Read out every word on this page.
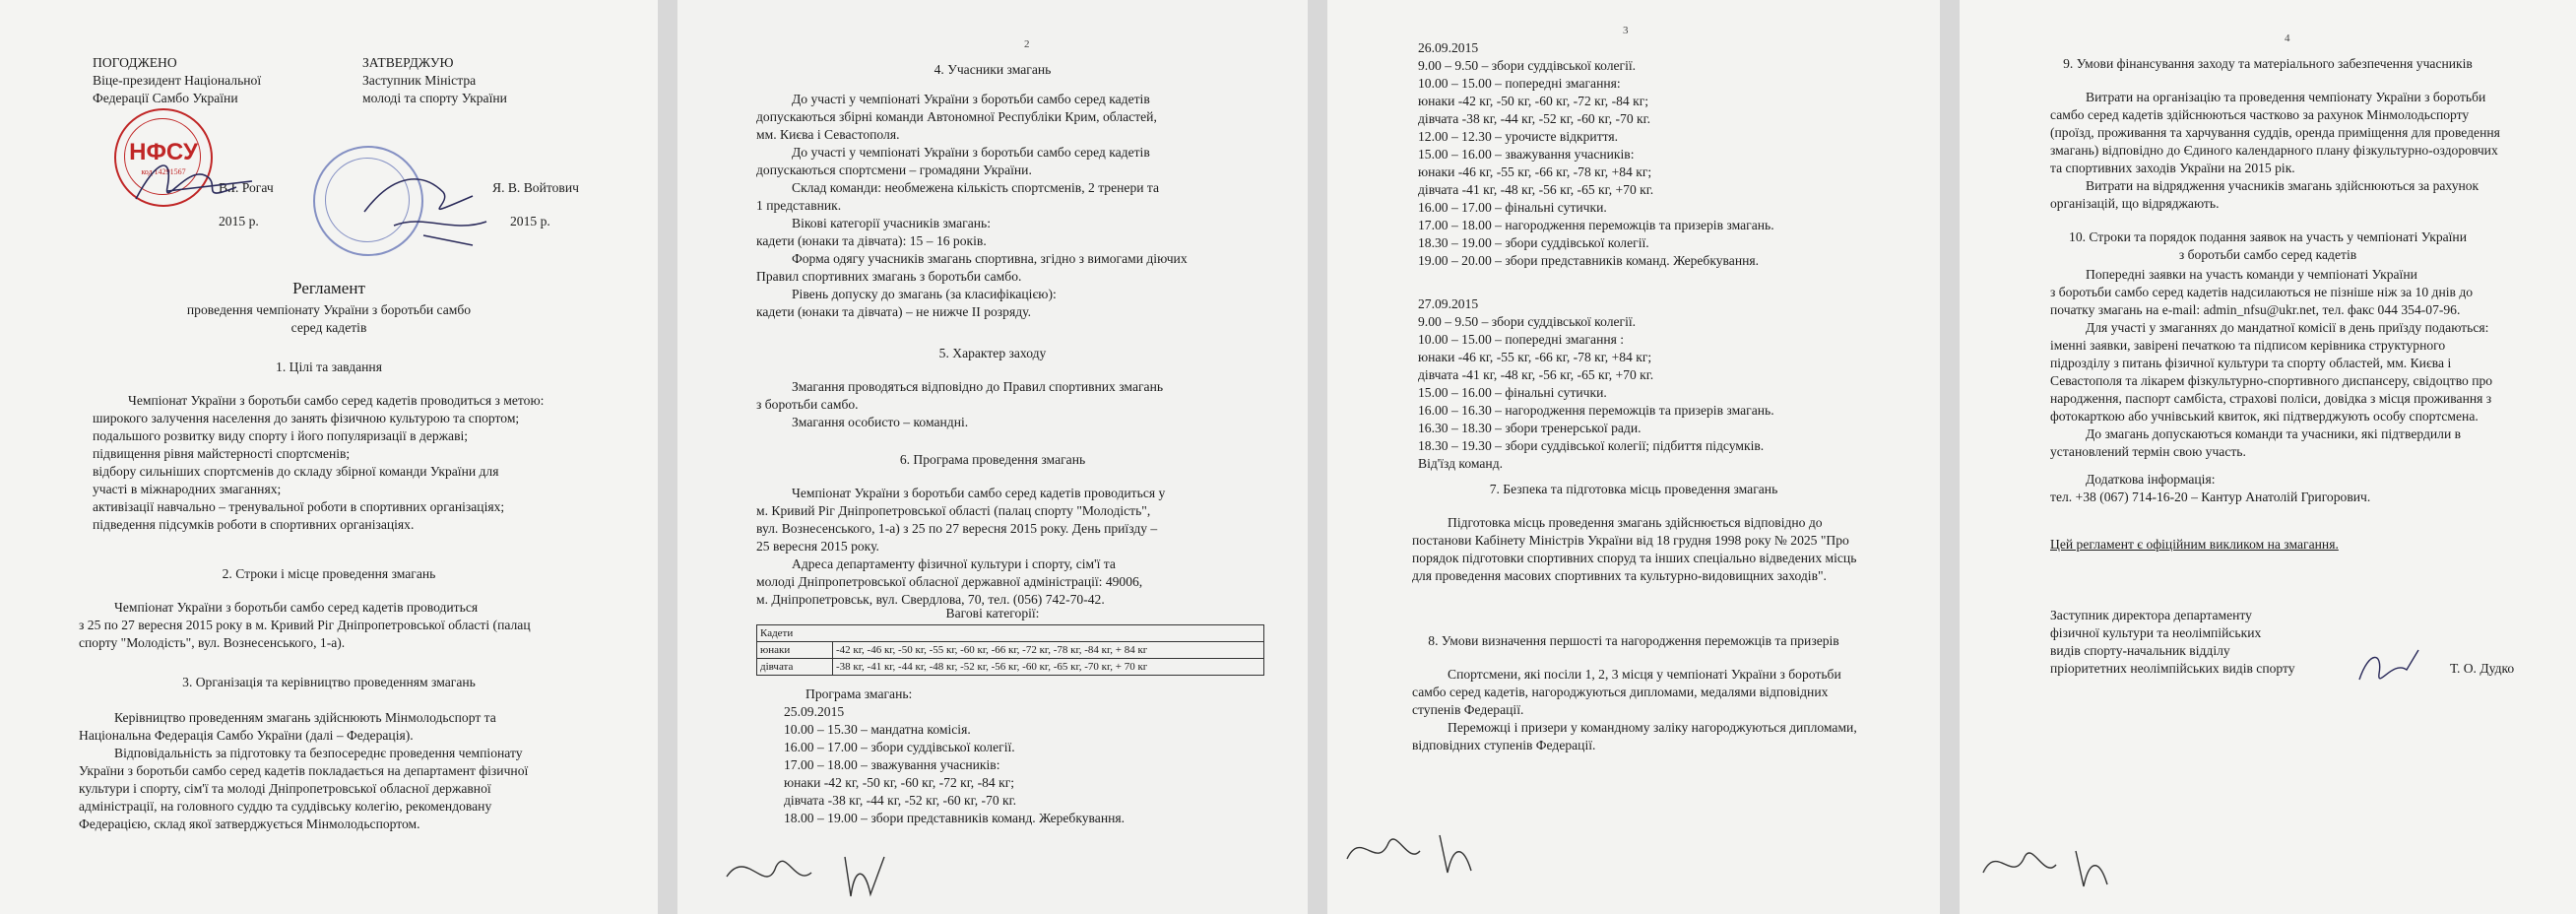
ПОГОДЖЕНО
Віце-президент Національної
Федерації Самбо України
В.І. Рогач
2015 р.
ЗАТВЕРДЖУЮ
Заступник Міністра
молоді та спорту України
Я. В. Войтович
2015 р.
НФСУ
код 14291567
Регламент
проведення чемпіонату України з боротьби самбо
серед кадетів
1. Цілі та завдання
Чемпіонат України з боротьби самбо серед кадетів проводиться з метою:
широкого залучення населення до занять фізичною культурою та спортом;
подальшого розвитку виду спорту і його популяризації в державі;
підвищення рівня майстерності спортсменів;
відбору сильніших спортсменів до складу збірної команди України для
участі в міжнародних змаганнях;
активізації навчально – тренувальної роботи в спортивних організаціях;
підведення підсумків роботи в спортивних організаціях.
2. Строки і місце проведення змагань
Чемпіонат України з боротьби самбо серед кадетів проводиться
з 25 по 27 вересня 2015 року в м. Кривий Ріг Дніпропетровської області (палац
спорту "Молодість", вул. Вознесенського, 1-а).
3. Організація та керівництво проведенням змагань
Керівництво проведенням змагань здійснюють Мінмолодьспорт та
Національна Федерація Самбо України (далі – Федерація).
Відповідальність за підготовку та безпосереднє проведення чемпіонату
України з боротьби самбо серед кадетів покладається на департамент фізичної
культури і спорту, сім'ї та молоді Дніпропетровської обласної державної
адміністрації, на головного суддю та суддівську колегію, рекомендовану
Федерацією, склад якої затверджується Мінмолодьспортом.
2
4. Учасники змагань
До участі у чемпіонаті України з боротьби самбо серед кадетів
допускаються збірні команди Автономної Республіки Крим, областей,
мм. Києва і Севастополя.
До участі у чемпіонаті України з боротьби самбо серед кадетів
допускаються спортсмени – громадяни України.
Склад команди: необмежена кількість спортсменів, 2 тренери та
1 представник.
Вікові категорії учасників змагань:
кадети (юнаки та дівчата): 15 – 16 років.
Форма одягу учасників змагань спортивна, згідно з вимогами діючих
Правил спортивних змагань з боротьби самбо.
Рівень допуску до змагань (за класифікацією):
кадети (юнаки та дівчата) – не нижче ІІ розряду.
5. Характер заходу
Змагання проводяться відповідно до Правил спортивних змагань
з боротьби самбо.
Змагання особисто – командні.
6. Програма проведення змагань
Чемпіонат України з боротьби самбо серед кадетів проводиться у
м. Кривий Ріг Дніпропетровської області (палац спорту "Молодість",
вул. Вознесенського, 1-а) з 25 по 27 вересня 2015 року. День приїзду –
25 вересня 2015 року.
Адреса департаменту фізичної культури і спорту, сім'ї та
молоді Дніпропетровської обласної державної адміністрації: 49006,
м. Дніпропетровськ, вул. Свердлова, 70, тел. (056) 742-70-42.
Вагові категорії:
Кадети	
юнаки	-42 кг, -46 кг, -50 кг, -55 кг, -60 кг, -66 кг, -72 кг, -78 кг, -84 кг, + 84 кг
дівчата	-38 кг, -41 кг, -44 кг, -48 кг, -52 кг, -56 кг, -60 кг, -65 кг, -70 кг, + 70 кг
Програма змагань:
25.09.2015
10.00 – 15.30 – мандатна комісія.
16.00 – 17.00 – збори суддівської колегії.
17.00 – 18.00 – зважування учасників:
юнаки -42 кг, -50 кг, -60 кг, -72 кг, -84 кг;
дівчата -38 кг, -44 кг, -52 кг, -60 кг, -70 кг.
18.00 – 19.00 – збори представників команд. Жеребкування.
3
26.09.2015
9.00 – 9.50 – збори суддівської колегії.
10.00 – 15.00 – попередні змагання:
юнаки -42 кг, -50 кг, -60 кг, -72 кг, -84 кг;
дівчата -38 кг, -44 кг, -52 кг, -60 кг, -70 кг.
12.00 – 12.30 – урочисте відкриття.
15.00 – 16.00 – зважування учасників:
юнаки -46 кг, -55 кг, -66 кг, -78 кг, +84 кг;
дівчата -41 кг, -48 кг, -56 кг, -65 кг, +70 кг.
16.00 – 17.00 – фінальні сутички.
17.00 – 18.00 – нагородження переможців та призерів змагань.
18.30 – 19.00 – збори суддівської колегії.
19.00 – 20.00 – збори представників команд. Жеребкування.
27.09.2015
9.00 – 9.50 – збори суддівської колегії.
10.00 – 15.00 – попередні змагання :
юнаки -46 кг, -55 кг, -66 кг, -78 кг, +84 кг;
дівчата -41 кг, -48 кг, -56 кг, -65 кг, +70 кг.
15.00 – 16.00 – фінальні сутички.
16.00 – 16.30 – нагородження переможців та призерів змагань.
16.30 – 18.30 – збори тренерської ради.
18.30 – 19.30 – збори суддівської колегії; підбиття підсумків.
Від'їзд команд.
7. Безпека та підготовка місць проведення змагань
Підготовка місць проведення змагань здійснюється відповідно до
постанови Кабінету Міністрів України від 18 грудня 1998 року № 2025 "Про
порядок підготовки спортивних споруд та інших спеціально відведених місць
для проведення масових спортивних та культурно-видовищних заходів".
8. Умови визначення першості та нагородження переможців та призерів
Спортсмени, які посіли 1, 2, 3 місця у чемпіонаті України з боротьби
самбо серед кадетів, нагороджуються дипломами, медалями відповідних
ступенів Федерації.
Переможці і призери у командному заліку нагороджуються дипломами,
відповідних ступенів Федерації.
4
9. Умови фінансування заходу та матеріального забезпечення учасників
Витрати на організацію та проведення чемпіонату України з боротьби
самбо серед кадетів здійснюються частково за рахунок Мінмолодьспорту
(проїзд, проживання та харчування суддів, оренда приміщення для проведення
змагань) відповідно до Єдиного календарного плану фізкультурно-оздоровчих
та спортивних заходів України на 2015 рік.
Витрати на відрядження учасників змагань здійснюються за рахунок
організацій, що відряджають.
10. Строки та порядок подання заявок на участь у чемпіонаті України
з боротьби самбо серед кадетів
Попередні заявки на участь команди у чемпіонаті України
з боротьби самбо серед кадетів надсилаються не пізніше ніж за 10 днів до
початку змагань на e-mail: admin_nfsu@ukr.net, тел. факс 044 354-07-96.
Для участі у змаганнях до мандатної комісії в день приїзду подаються:
іменні заявки, завірені печаткою та підписом керівника структурного
підрозділу з питань фізичної культури та спорту областей, мм. Києва і
Севастополя та лікарем фізкультурно-спортивного диспансеру, свідоцтво про
народження, паспорт самбіста, страхові поліси, довідка з місця проживання з
фотокарткою або учнівський квиток, які підтверджують особу спортсмена.
До змагань допускаються команди та учасники, які підтвердили в
установлений термін свою участь.
Додаткова інформація:
тел. +38 (067) 714-16-20 – Кантур Анатолій Григорович.
Цей регламент є офіційним викликом на змагання.
Заступник директора департаменту
фізичної культури та неолімпійських
видів спорту-начальник відділу
пріоритетних неолімпійських видів спорту	Т. О. Дудко
